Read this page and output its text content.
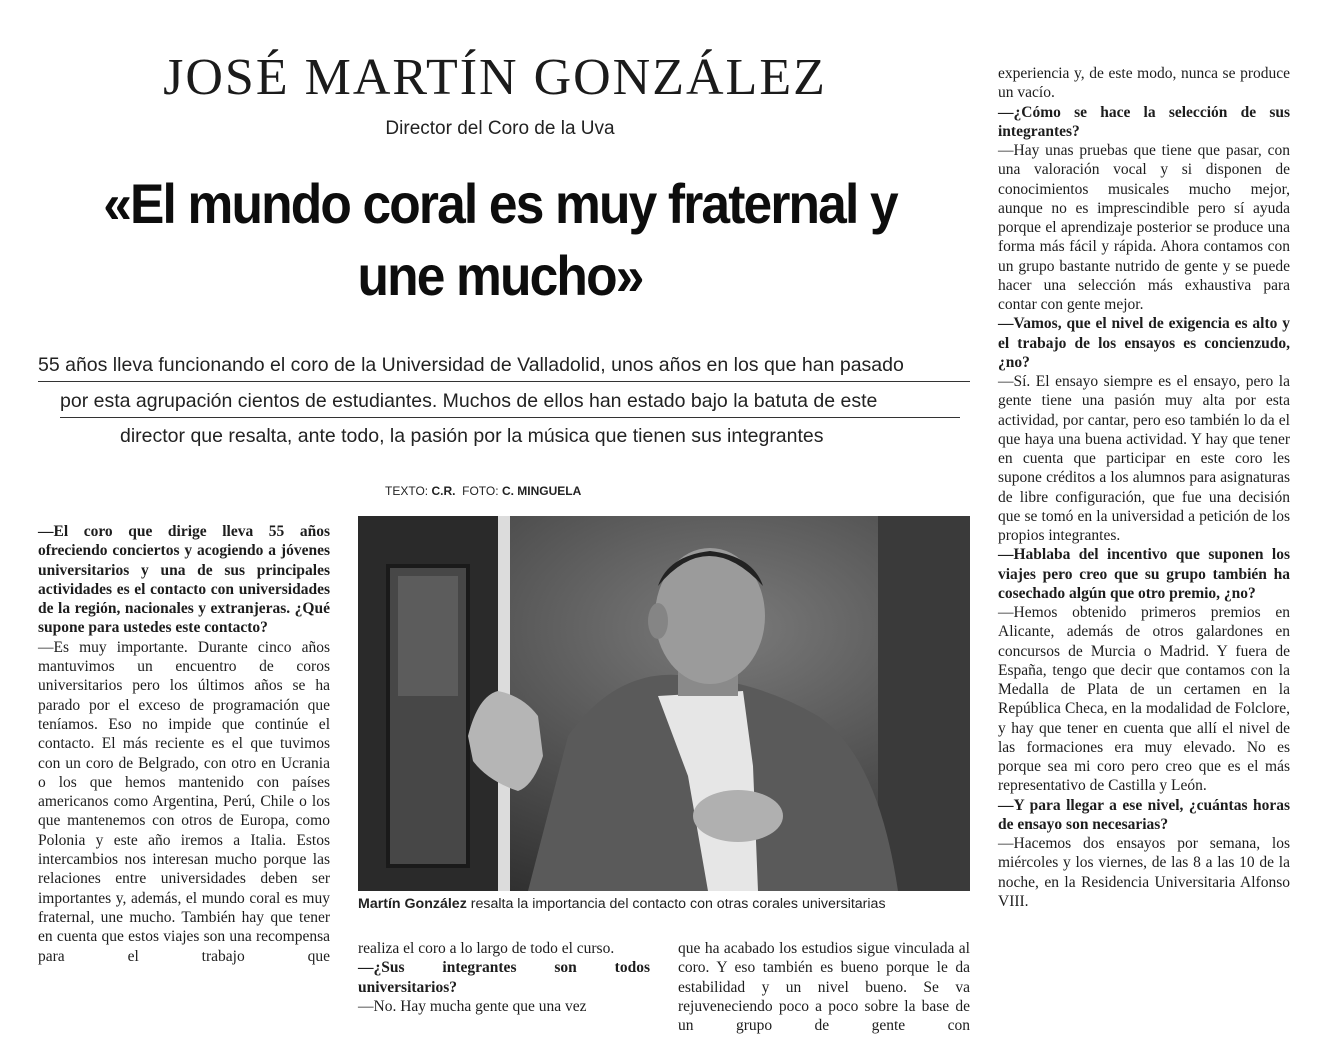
JOSÉ MARTÍN GONZÁLEZ
Director del Coro de la Uva
«El mundo coral es muy fraternal y
une mucho»
55 años lleva funcionando el coro de la Universidad de Valladolid, unos años en los que han pasado
por esta agrupación cientos de estudiantes. Muchos de ellos han estado bajo la batuta de este
director que resalta, ante todo, la pasión por la música que tienen sus integrantes
TEXTO: C.R. FOTO: C. MINGUELA
Martín González resalta la importancia del contacto con otras corales universitarias

—El coro que dirige lleva 55 años ofreciendo conciertos y acogiendo a jóvenes universitarios y una de sus principales actividades es el contacto con universidades de la región, nacionales y extranjeras. ¿Qué supone para ustedes este contacto?

—Es muy importante. Durante cinco años mantuvimos un encuentro de coros universitarios pero los últimos años se ha parado por el exceso de programación que teníamos. Eso no impide que continúe el contacto. El más reciente es el que tuvimos con un coro de Belgrado, con otro en Ucrania o los que hemos mantenido con países americanos como Argentina, Perú, Chile o los que mantenemos con otros de Europa, como Polonia y este año iremos a Italia. Estos intercambios nos interesan mucho porque las relaciones entre universidades deben ser importantes y, además, el mundo coral es muy fraternal, une mucho. También hay que tener en cuenta que estos viajes son una recompensa para el trabajo que realiza el coro a lo largo de todo el curso.

—¿Sus integrantes son todos universitarios?

—No. Hay mucha gente que una vez

que ha acabado los estudios sigue vinculada al coro. Y eso también es bueno porque le da estabilidad y un nivel bueno. Se va rejuveneciendo poco a poco sobre la base de un grupo de gente con

experiencia y, de este modo, nunca se produce un vacío.

—¿Cómo se hace la selección de sus integrantes?

—Hay unas pruebas que tiene que pasar, con una valoración vocal y si disponen de conocimientos musicales mucho mejor, aunque no es imprescindible pero sí ayuda porque el aprendizaje posterior se produce una forma más fácil y rápida. Ahora contamos con un grupo bastante nutrido de gente y se puede hacer una selección más exhaustiva para contar con gente mejor.

—Vamos, que el nivel de exigencia es alto y el trabajo de los ensayos es concienzudo, ¿no?

—Sí. El ensayo siempre es el ensayo, pero la gente tiene una pasión muy alta por esta actividad, por cantar, pero eso también lo da el que haya una buena actividad. Y hay que tener en cuenta que participar en este coro les supone créditos a los alumnos para asignaturas de libre configuración, que fue una decisión que se tomó en la universidad a petición de los propios integrantes.

—Hablaba del incentivo que suponen los viajes pero creo que su grupo también ha cosechado algún que otro premio, ¿no?

—Hemos obtenido primeros premios en Alicante, además de otros galardones en concursos de Murcia o Madrid. Y fuera de España, tengo que decir que contamos con la Medalla de Plata de un certamen en la República Checa, en la modalidad de Folclore, y hay que tener en cuenta que allí el nivel de las formaciones era muy elevado. No es porque sea mi coro pero creo que es el más representativo de Castilla y León.

—Y para llegar a ese nivel, ¿cuántas horas de ensayo son necesarias?

—Hacemos dos ensayos por semana, los miércoles y los viernes, de las 8 a las 10 de la noche, en la Residencia Universitaria Alfonso VIII.
